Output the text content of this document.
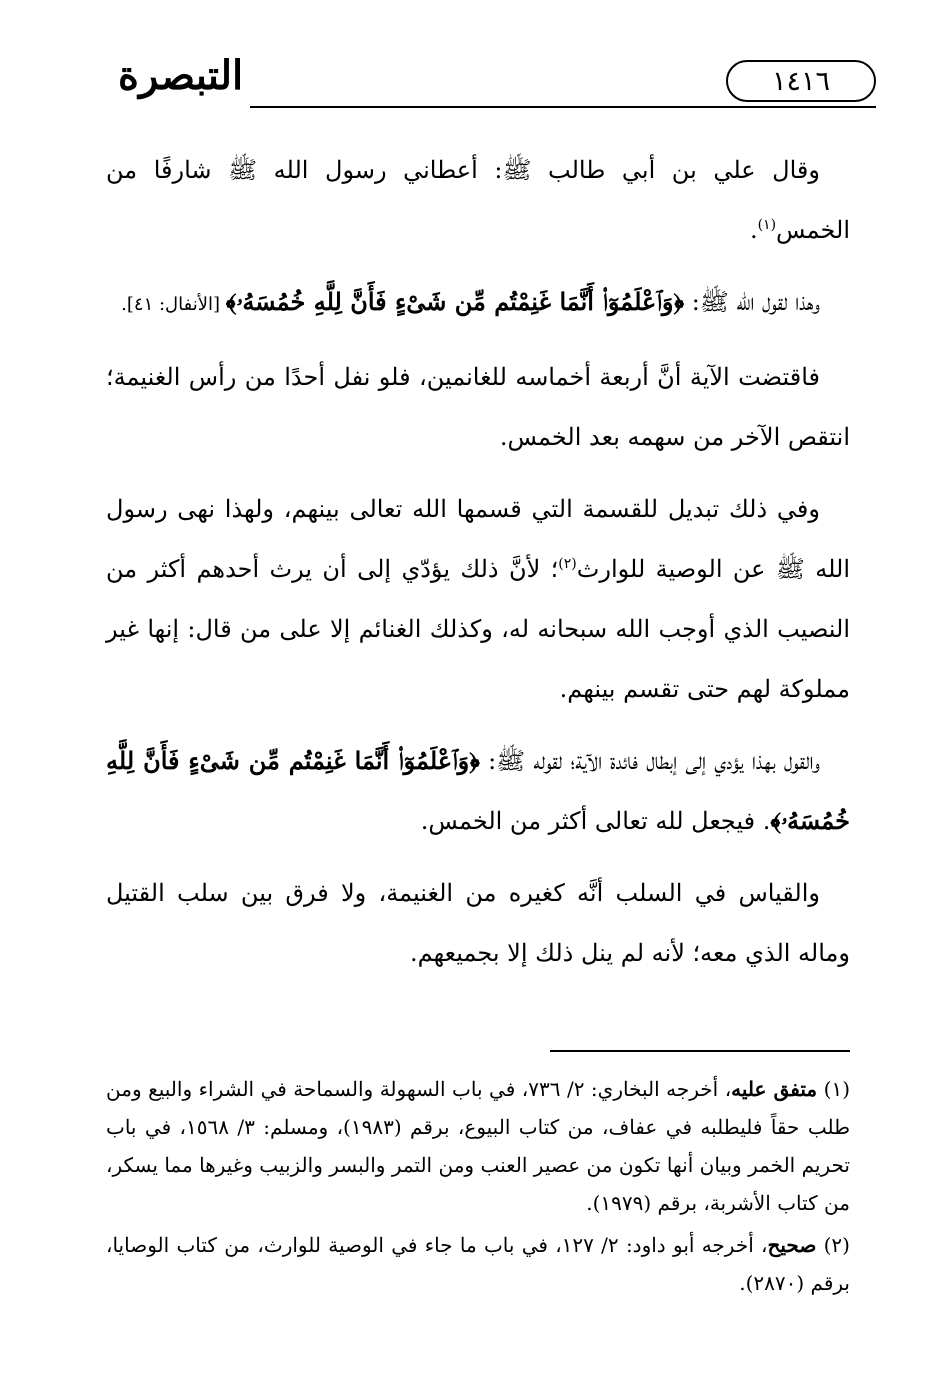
التبصرة	١٤١٦

وقال علي بن أبي طالب ﷺ: أعطاني رسول الله ﷺ شارفًا من الخمس$^{(١)}$.

وهذا لقول الله ﷺ: ﴿وَٱعْلَمُوٓا۟ أَنَّمَا غَنِمْتُم مِّن شَىْءٍ فَأَنَّ لِلَّهِ خُمُسَهُۥ﴾ [الأنفال: ٤١].

فاقتضت الآية أنَّ أربعة أخماسه للغانمين، فلو نفل أحدًا من رأس الغنيمة؛ انتقص الآخر من سهمه بعد الخمس.

وفي ذلك تبديل للقسمة التي قسمها الله تعالى بينهم، ولهذا نهى رسول الله ﷺ عن الوصية للوارث$^{(٢)}$؛ لأنَّ ذلك يؤدّي إلى أن يرث أحدهم أكثر من النصيب الذي أوجب الله سبحانه له، وكذلك الغنائم إلا على من قال: إنها غير مملوكة لهم حتى تقسم بينهم.

والقول بهذا يؤدي إلى إبطال فائدة الآية؛ لقوله ﷺ: ﴿وَٱعْلَمُوٓا۟ أَنَّمَا غَنِمْتُم مِّن شَىْءٍ فَأَنَّ لِلَّهِ خُمُسَهُۥ﴾. فيجعل لله تعالى أكثر من الخمس.

والقياس في السلب أنَّه كغيره من الغنيمة، ولا فرق بين سلب القتيل وماله الذي معه؛ لأنه لم ينل ذلك إلا بجميعهم.

(١) متفق عليه، أخرجه البخاري: ٢/ ٧٣٦، في باب السهولة والسماحة في الشراء والبيع ومن طلب حقاً فليطلبه في عفاف، من كتاب البيوع، برقم (١٩٨٣)، ومسلم: ٣/ ١٥٦٨، في باب تحريم الخمر وبيان أنها تكون من عصير العنب ومن التمر والبسر والزبيب وغيرها مما يسكر، من كتاب الأشربة، برقم (١٩٧٩).

(٢) صحيح، أخرجه أبو داود: ٢/ ١٢٧، في باب ما جاء في الوصية للوارث، من كتاب الوصايا، برقم (٢٨٧٠).
